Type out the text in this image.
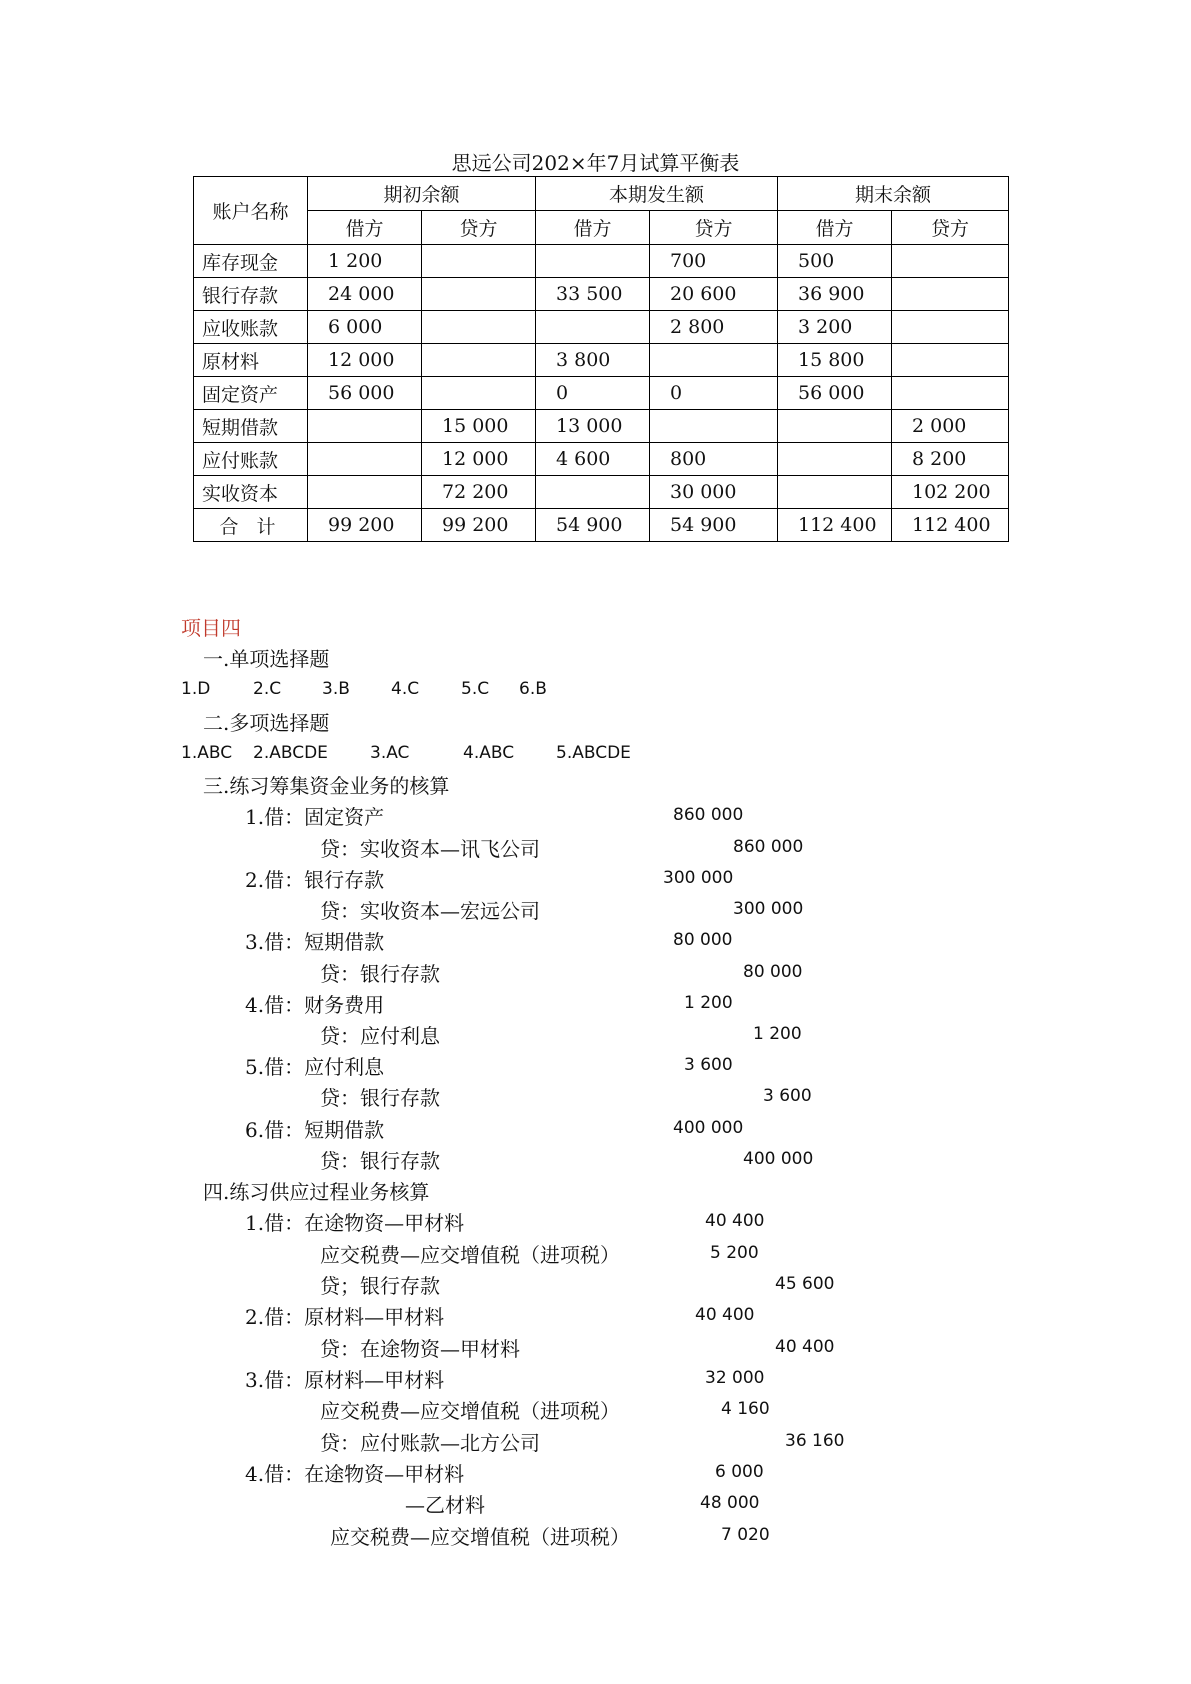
思远公司202×年7月试算平衡表
账户名称	期初余额		本期发生额		期末余额	
	借方	贷方	借方	贷方	借方	贷方
库存现金	1 200			700	500	
银行存款	24 000		33 500	20 600	36 900	
应收账款	6 000			2 800	3 200	
原材料	12 000		3 800		15 800	
固定资产	56 000		0	0	56 000	
短期借款		15 000	13 000			2 000
应付账款		12 000	4 600	800		8 200
实收资本		72 200		30 000		102 200
合 计	99 200	99 200	54 900	54 900	112 400	112 400
项目四
一.单项选择题
1.D	2.C 3.B 4.C 5.C 6.B
二.多项选择题
1.ABC 2.ABCDE 3.AC	4.ABC 5.ABCDE
三.练习筹集资金业务的核算
1.借：固定资产	860 000
贷：实收资本—讯飞公司	860 000
2.借：银行存款	300 000
贷：实收资本—宏远公司	300 000
3.借：短期借款	80 000
贷：银行存款	80 000
4.借：财务费用	1 200
贷：应付利息	1 200
5.借：应付利息	3 600
贷：银行存款	3 600
6.借：短期借款	400 000
贷：银行存款	400 000
四.练习供应过程业务核算
1.借：在途物资—甲材料	40 400
应交税费—应交增值税（进项税）	5 200
贷；银行存款	45 600
2.借：原材料—甲材料	40 400
贷：在途物资—甲材料	40 400
3.借：原材料—甲材料	32 000
应交税费—应交增值税（进项税）	4 160
贷：应付账款—北方公司	36 160
4.借：在途物资—甲材料	6 000
—乙材料	48 000
应交税费—应交增值税（进项税）	7 020
